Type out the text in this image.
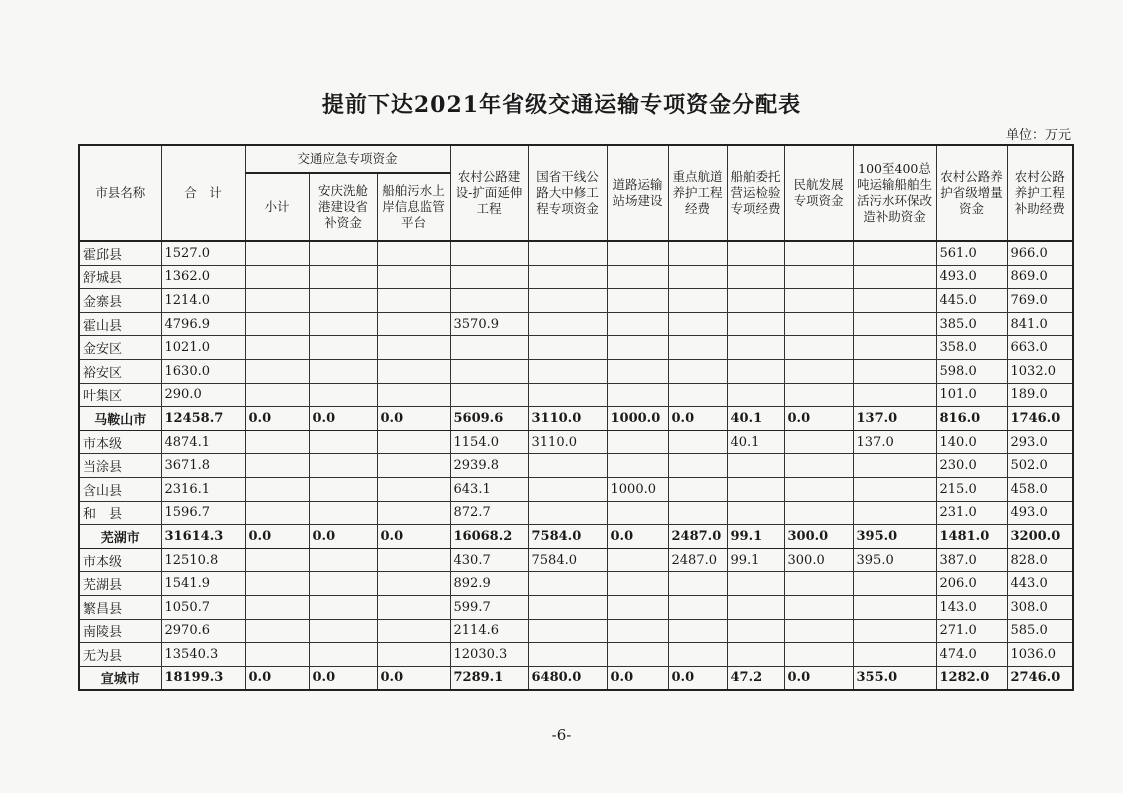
提前下达2021年省级交通运输专项资金分配表
单位：万元
市县名称	合　计	交通应急专项资金			农村公路建设-扩面延伸工程	国省干线公路大中修工程专项资金	道路运输站场建设	重点航道养护工程经费	船舶委托营运检验专项经费	民航发展专项资金	100至400总吨运输船舶生活污水环保改造补助资金	农村公路养护省级增量资金	农村公路养护工程补助经费
		小计	安庆洗舱港建设省补资金	船舶污水上岸信息监管平台									
霍邱县	1527.0											561.0	966.0
舒城县	1362.0											493.0	869.0
金寨县	1214.0											445.0	769.0
霍山县	4796.9				3570.9							385.0	841.0
金安区	1021.0											358.0	663.0
裕安区	1630.0											598.0	1032.0
叶集区	290.0											101.0	189.0
马鞍山市	12458.7	0.0	0.0	0.0	5609.6	3110.0	1000.0	0.0	40.1	0.0	137.0	816.0	1746.0
市本级	4874.1				1154.0	3110.0			40.1		137.0	140.0	293.0
当涂县	3671.8				2939.8							230.0	502.0
含山县	2316.1				643.1		1000.0					215.0	458.0
和　县	1596.7				872.7							231.0	493.0
芜湖市	31614.3	0.0	0.0	0.0	16068.2	7584.0	0.0	2487.0	99.1	300.0	395.0	1481.0	3200.0
市本级	12510.8				430.7	7584.0		2487.0	99.1	300.0	395.0	387.0	828.0
芜湖县	1541.9				892.9							206.0	443.0
繁昌县	1050.7				599.7							143.0	308.0
南陵县	2970.6				2114.6							271.0	585.0
无为县	13540.3				12030.3							474.0	1036.0
宣城市	18199.3	0.0	0.0	0.0	7289.1	6480.0	0.0	0.0	47.2	0.0	355.0	1282.0	2746.0
-6-
